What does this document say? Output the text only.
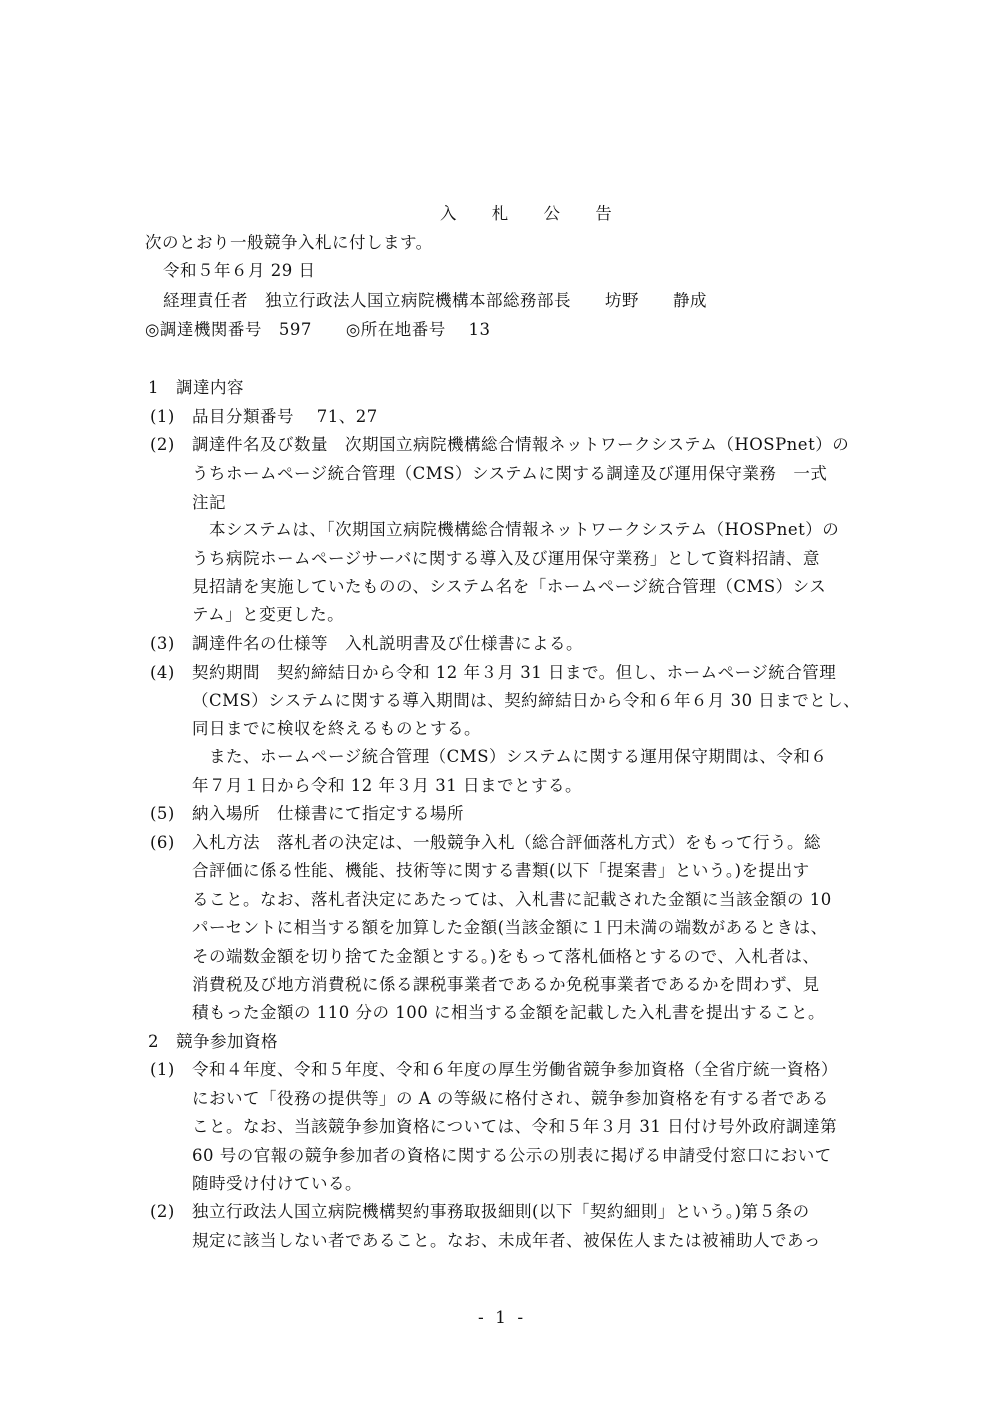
入 札 公 告
次のとおり一般競争入札に付します。
令和５年６月 29 日
経理責任者　独立行政法人国立病院機構本部総務部長　　坊野　　静成
◎調達機関番号　597　　◎所在地番号　 13
1　調達内容
(1) 品目分類番号　 71、27
(2) 調達件名及び数量　次期国立病院機構総合情報ネットワークシステム（HOSPnet）の
うちホームページ統合管理（CMS）システムに関する調達及び運用保守業務　一式
注記
　本システムは、「次期国立病院機構総合情報ネットワークシステム（HOSPnet）の
うち病院ホームページサーバに関する導入及び運用保守業務」として資料招請、意
見招請を実施していたものの、システム名を「ホームページ統合管理（CMS）シス
テム」と変更した。
(3) 調達件名の仕様等　入札説明書及び仕様書による。
(4) 契約期間　契約締結日から令和 12 年３月 31 日まで。但し、ホームページ統合管理
（CMS）システムに関する導入期間は、契約締結日から令和６年６月 30 日までとし、
同日までに検収を終えるものとする。
　また、ホームページ統合管理（CMS）システムに関する運用保守期間は、令和６
年７月１日から令和 12 年３月 31 日までとする。
(5) 納入場所　仕様書にて指定する場所
(6) 入札方法　落札者の決定は、一般競争入札（総合評価落札方式）をもって行う。総
合評価に係る性能、機能、技術等に関する書類(以下「提案書」という。)を提出す
ること。なお、落札者決定にあたっては、入札書に記載された金額に当該金額の 10
パーセントに相当する額を加算した金額(当該金額に１円未満の端数があるときは、
その端数金額を切り捨てた金額とする。)をもって落札価格とするので、入札者は、
消費税及び地方消費税に係る課税事業者であるか免税事業者であるかを問わず、見
積もった金額の 110 分の 100 に相当する金額を記載した入札書を提出すること。
2　競争参加資格
(1) 令和４年度、令和５年度、令和６年度の厚生労働省競争参加資格（全省庁統一資格）
において「役務の提供等」の A の等級に格付され、競争参加資格を有する者である
こと。なお、当該競争参加資格については、令和５年３月 31 日付け号外政府調達第
60 号の官報の競争参加者の資格に関する公示の別表に掲げる申請受付窓口において
随時受け付けている。
(2) 独立行政法人国立病院機構契約事務取扱細則(以下「契約細則」という。)第５条の
規定に該当しない者であること。なお、未成年者、被保佐人または被補助人であっ
- 1 -
